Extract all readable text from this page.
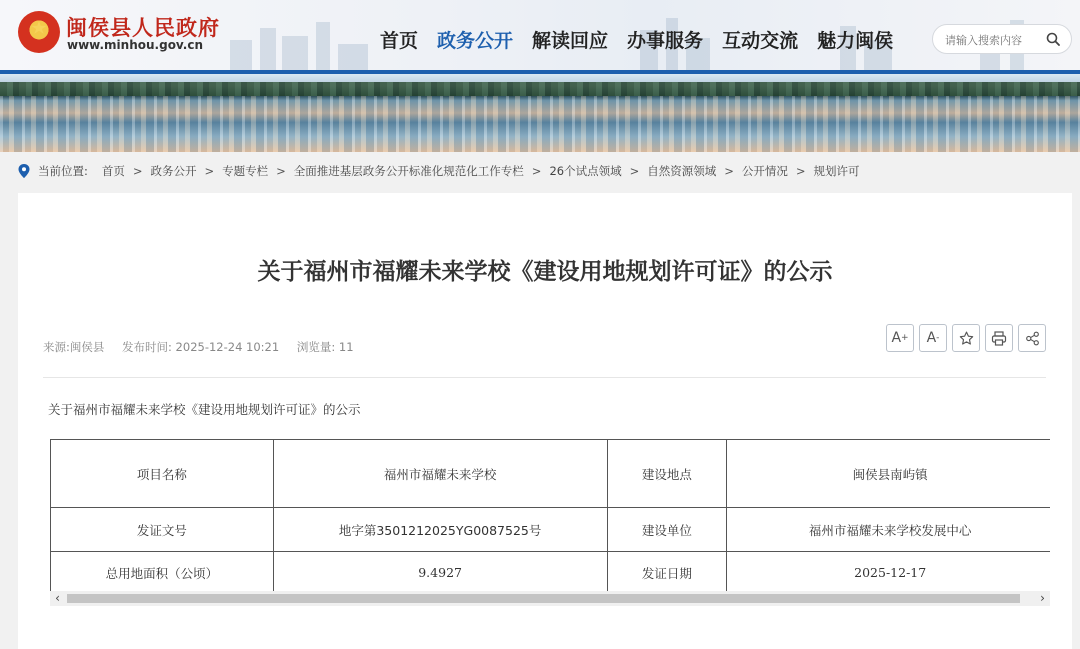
闽侯县人民政府
www.minhou.gov.cn	首页 政务公开 解读回应 办事服务 互动交流 魅力闽侯
请输入搜索内容
当前位置: 首页 > 政务公开 > 专题专栏 > 全面推进基层政务公开标准化规范化工作专栏 > 26个试点领域 > 自然资源领域 > 公开情况 > 规划许可
关于福州市福耀未来学校《建设用地规划许可证》的公示
来源:闽侯县 发布时间: 2025-12-24 10:21 浏览量: 11
A +	A -

关于福州市福耀未来学校《建设用地规划许可证》的公示

项目名称	福州市福耀未来学校	建设地点	闽侯县南屿镇
发证文号	地字第3501212025YG0087525号	建设单位	福州市福耀未来学校发展中心
总用地面积（公顷）	9.4927	发证日期	2025-12-17
‹	›
